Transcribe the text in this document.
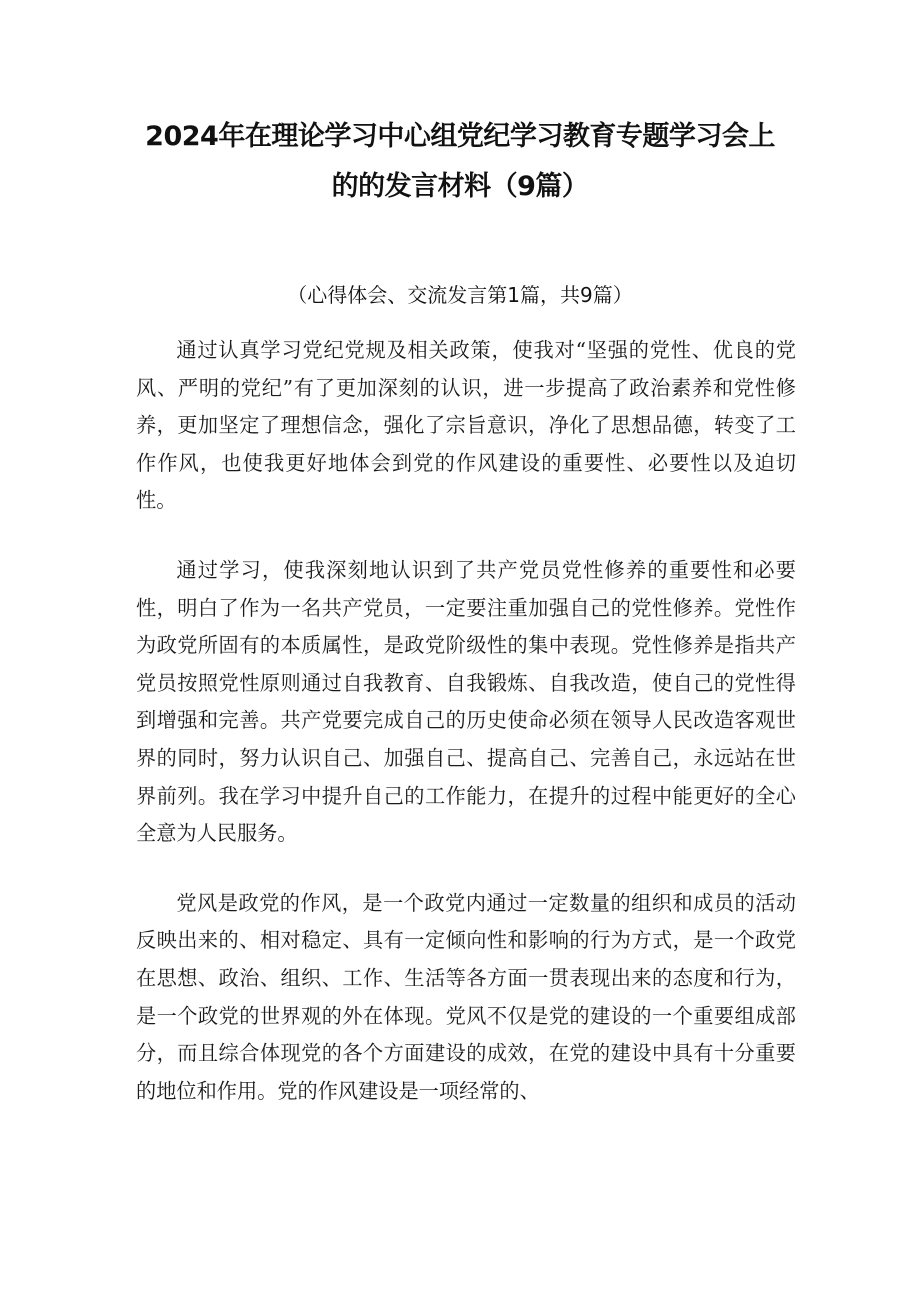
2024年在理论学习中心组党纪学习教育专题学习会上
的的发言材料（9篇）
（心得体会、交流发言第1篇，共9篇）

通过认真学习党纪党规及相关政策，使我对“坚强的党性、优良的党风、严明的党纪”有了更加深刻的认识，进一步提高了政治素养和党性修养，更加坚定了理想信念，强化了宗旨意识，净化了思想品德，转变了工作作风，也使我更好地体会到党的作风建设的重要性、必要性以及迫切性。

通过学习，使我深刻地认识到了共产党员党性修养的重要性和必要性，明白了作为一名共产党员，一定要注重加强自己的党性修养。党性作为政党所固有的本质属性，是政党阶级性的集中表现。党性修养是指共产党员按照党性原则通过自我教育、自我锻炼、自我改造，使自己的党性得到增强和完善。共产党要完成自己的历史使命必须在领导人民改造客观世界的同时，努力认识自己、加强自己、提高自己、完善自己，永远站在世界前列。我在学习中提升自己的工作能力，在提升的过程中能更好的全心全意为人民服务。

党风是政党的作风，是一个政党内通过一定数量的组织和成员的活动反映出来的、相对稳定、具有一定倾向性和影响的行为方式，是一个政党在思想、政治、组织、工作、生活等各方面一贯表现出来的态度和行为，是一个政党的世界观的外在体现。党风不仅是党的建设的一个重要组成部分，而且综合体现党的各个方面建设的成效，在党的建设中具有十分重要的地位和作用。党的作风建设是一项经常的、
